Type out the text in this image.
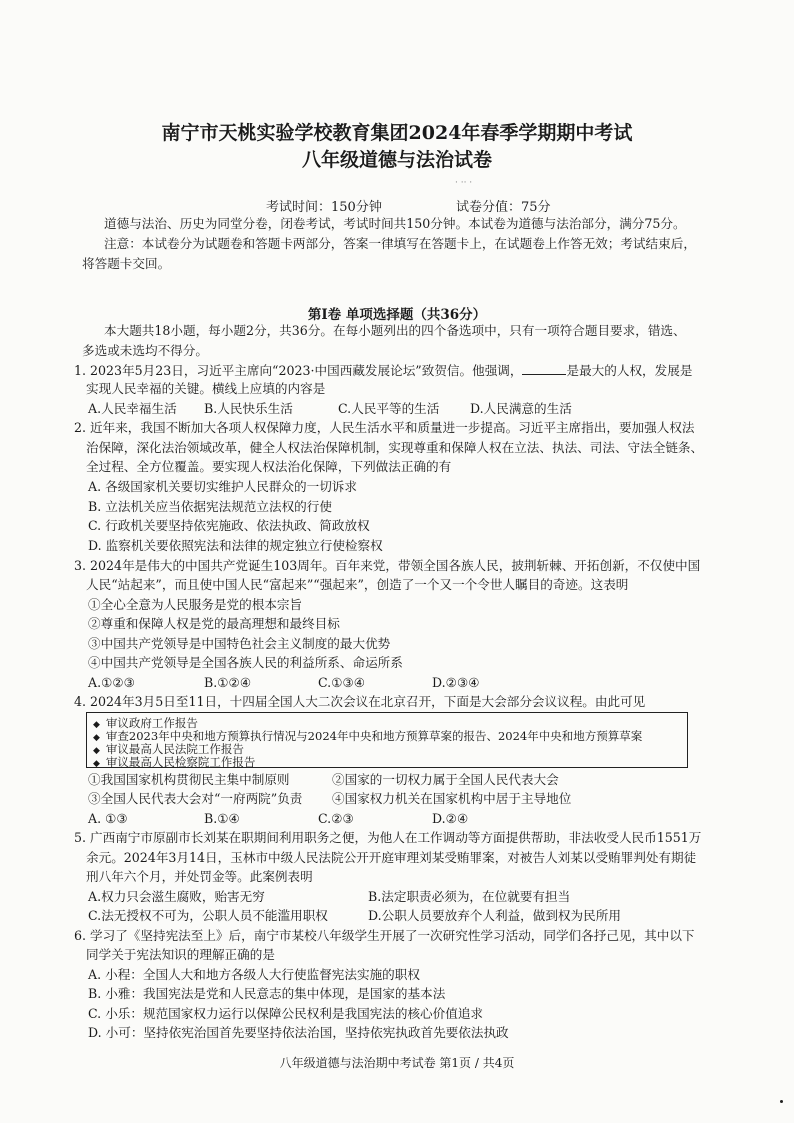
南宁市天桃实验学校教育集团2024年春季学期期中考试
八年级道德与法治试卷
· ·· ·
考试时间：150分钟	试卷分值：75分
道德与法治、历史为同堂分卷，闭卷考试，考试时间共150分钟。本试卷为道德与法治部分，满分75分。
注意：本试卷分为试题卷和答题卡两部分，答案一律填写在答题卡上，在试题卷上作答无效；考试结束后，
将答题卡交回。
第Ⅰ卷 单项选择题（共36分）
本大题共18小题，每小题2分，共36分。在每小题列出的四个备选项中，只有一项符合题目要求，错选、
多选或未选均不得分。
1. 2023年5月23日，习近平主席向“2023·中国西藏发展论坛”致贺信。他强调，	是最大的人权，发展是
实现人民幸福的关键。横线上应填的内容是
A.人民幸福生活 B.人民快乐生活	C.人民平等的生活 D.人民满意的生活
2. 近年来，我国不断加大各项人权保障力度，人民生活水平和质量进一步提高。习近平主席指出，要加强人权法
治保障，深化法治领域改革，健全人权法治保障机制，实现尊重和保障人权在立法、执法、司法、守法全链条、
全过程、全方位覆盖。要实现人权法治化保障，下列做法正确的有
A. 各级国家机关要切实维护人民群众的一切诉求
B. 立法机关应当依据宪法规范立法权的行使
C. 行政机关要坚持依宪施政、依法执政、简政放权
D. 监察机关要依照宪法和法律的规定独立行使检察权
3. 2024年是伟大的中国共产党诞生103周年。百年来党，带领全国各族人民，披荆斩棘、开拓创新，不仅使中国
人民“站起来”，而且使中国人民“富起来”“强起来”，创造了一个又一个令世人瞩目的奇迹。这表明
①全心全意为人民服务是党的根本宗旨
②尊重和保障人权是党的最高理想和最终目标
③中国共产党领导是中国特色社会主义制度的最大优势
④中国共产党领导是全国各族人民的利益所系、命运所系
A.①②③	B.①②④	C.①③④	D.②③④
4. 2024年3月5日至11日，十四届全国人大二次会议在北京召开，下面是大会部分会议议程。由此可见
◆ 审议政府工作报告
◆ 审查2023年中央和地方预算执行情况与2024年中央和地方预算草案的报告、2024年中央和地方预算草案
◆ 审议最高人民法院工作报告
◆ 审议最高人民检察院工作报告
①我国国家机构贯彻民主集中制原则	②国家的一切权力属于全国人民代表大会
③全国人民代表大会对“一府两院”负责 ④国家权力机关在国家机构中居于主导地位
A. ①③	B.①④	C.②③	D.②④
5. 广西南宁市原副市长刘某在职期间利用职务之便，为他人在工作调动等方面提供帮助，非法收受人民币1551万
余元。2024年3月14日，玉林市中级人民法院公开开庭审理刘某受贿罪案，对被告人刘某以受贿罪判处有期徒
刑八年六个月，并处罚金等。此案例表明
A.权力只会滋生腐败，贻害无穷	B.法定职责必须为，在位就要有担当
C.法无授权不可为，公职人员不能滥用职权	D.公职人员要放弃个人利益，做到权为民所用
6. 学习了《坚持宪法至上》后，南宁市某校八年级学生开展了一次研究性学习活动，同学们各抒己见，其中以下
同学关于宪法知识的理解正确的是
A. 小程：全国人大和地方各级人大行使监督宪法实施的职权
B. 小雅：我国宪法是党和人民意志的集中体现，是国家的基本法
C. 小乐：规范国家权力运行以保障公民权利是我国宪法的核心价值追求
D. 小可：坚持依宪治国首先要坚持依法治国，坚持依宪执政首先要依法执政
八年级道德与法治期中考试卷 第1页 / 共4页
